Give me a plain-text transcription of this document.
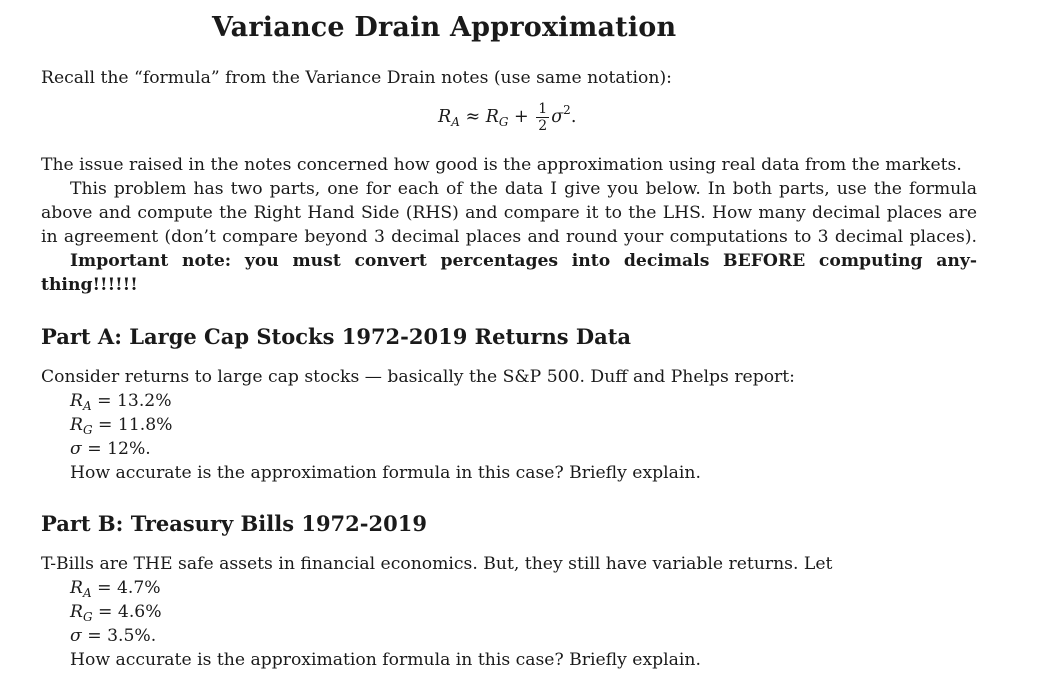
Variance Drain Approximation
Recall the “formula” from the Variance Drain notes (use same notation):
$R_A \approx R_G + \frac{1}{2} \sigma^2$.
The issue raised in the notes concerned how good is the approximation using real data from the markets.
This problem has two parts, one for each of the data I give you below. In both parts, use the formula
above and compute the Right Hand Side (RHS) and compare it to the LHS. How many decimal places are
in agreement (don’t compare beyond 3 decimal places and round your computations to 3 decimal places).
Important note: you must convert percentages into decimals BEFORE computing any-
thing!!!!!!
Part A: Large Cap Stocks 1972-2019 Returns Data
Consider returns to large cap stocks — basically the S&P 500. Duff and Phelps report:
$R_A = 13.2\%$
$R_G = 11.8\%$
σ = 12%.
How accurate is the approximation formula in this case? Briefly explain.
Part B: Treasury Bills 1972-2019
T-Bills are THE safe assets in financial economics. But, they still have variable returns. Let
$R_A = 4.7\%$
$R_G = 4.6\%$
σ = 3.5%.
How accurate is the approximation formula in this case? Briefly explain.
